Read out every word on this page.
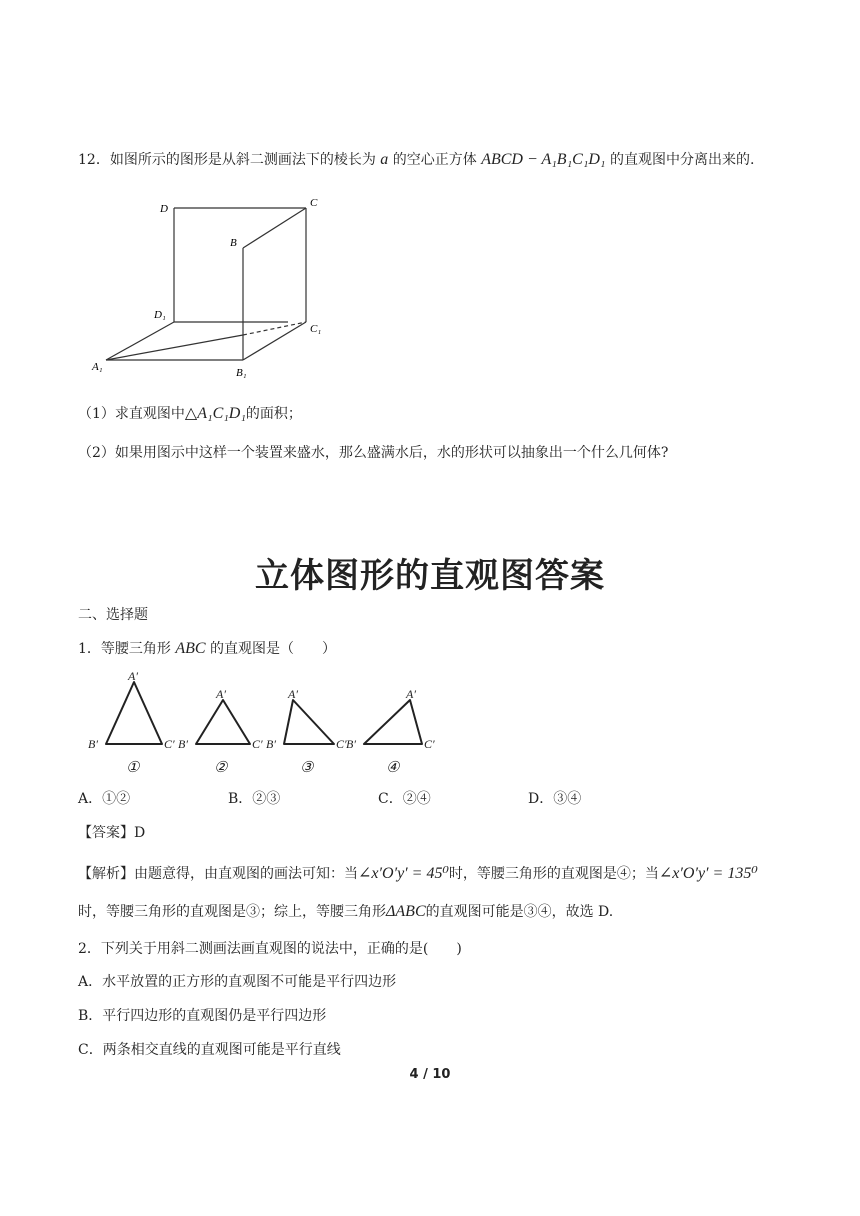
12．如图所示的图形是从斜二测画法下的棱长为 a 的空心正方体 ABCD − A₁B₁C₁D₁ 的直观图中分离出来的.
D	C
B
D₁
C₁
A₁	B₁
（1）求直观图中△A₁C₁D₁的面积；
（2）如果用图示中这样一个装置来盛水，那么盛满水后，水的形状可以抽象出一个什么几何体?
立体图形的直观图答案
二、选择题
1．等腰三角形 ABC 的直观图是（　　）
A′
B′	C′
A′
B′	C′
A′
B′	C′
A′
B′	C′
①	②	③	④
A．①②	B．②③	C．②④	D．③④
【答案】D
【解析】由题意得，由直观图的画法可知：当∠x′O′y′ = 45⁰时，等腰三角形的直观图是④；当∠x′O′y′ = 135⁰
时，等腰三角形的直观图是③；综上，等腰三角形ΔABC的直观图可能是③④，故选 D.
2．下列关于用斜二测画法画直观图的说法中，正确的是(　　)
A．水平放置的正方形的直观图不可能是平行四边形
B．平行四边形的直观图仍是平行四边形
C．两条相交直线的直观图可能是平行直线
4 / 10
